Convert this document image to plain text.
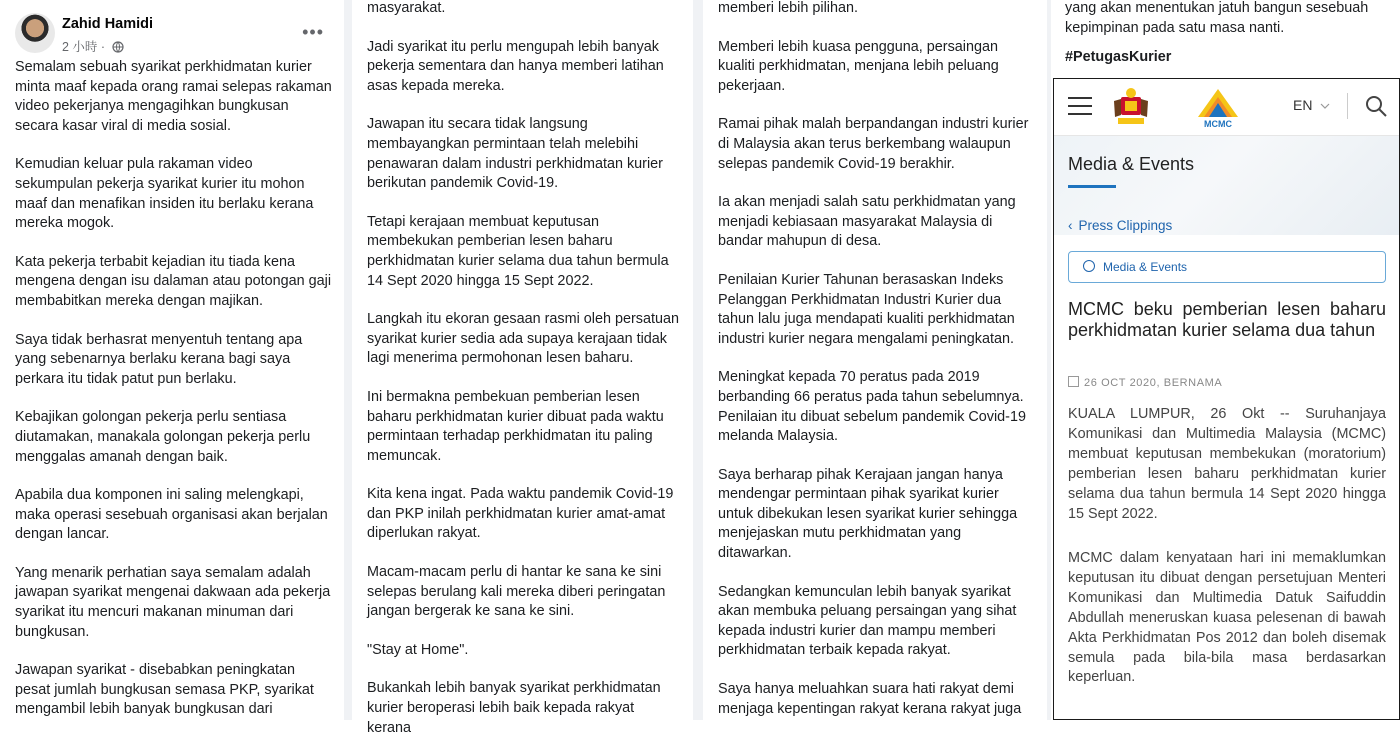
Zahid Hamidi
2 小時 ·
•••

Semalam sebuah syarikat perkhidmatan kurier minta maaf kepada orang ramai selepas rakaman video pekerjanya mengagihkan bungkusan secara kasar viral di media sosial.

Kemudian keluar pula rakaman video sekumpulan pekerja syarikat kurier itu mohon maaf dan menafikan insiden itu berlaku kerana mereka mogok.

Kata pekerja terbabit kejadian itu tiada kena mengena dengan isu dalaman atau potongan gaji membabitkan mereka dengan majikan.

Saya tidak berhasrat menyentuh tentang apa yang sebenarnya berlaku kerana bagi saya perkara itu tidak patut pun berlaku.

Kebajikan golongan pekerja perlu sentiasa diutamakan, manakala golongan pekerja perlu menggalas amanah dengan baik.

Apabila dua komponen ini saling melengkapi, maka operasi sesebuah organisasi akan berjalan dengan lancar.

Yang menarik perhatian saya semalam adalah jawapan syarikat mengenai dakwaan ada pekerja syarikat itu mencuri makanan minuman dari bungkusan.

Jawapan syarikat - disebabkan peningkatan pesat jumlah bungkusan semasa PKP, syarikat mengambil lebih banyak bungkusan dari

masyarakat.

Jadi syarikat itu perlu mengupah lebih banyak pekerja sementara dan hanya memberi latihan asas kepada mereka.

Jawapan itu secara tidak langsung membayangkan permintaan telah melebihi penawaran dalam industri perkhidmatan kurier berikutan pandemik Covid-19.

Tetapi kerajaan membuat keputusan membekukan pemberian lesen baharu perkhidmatan kurier selama dua tahun bermula 14 Sept 2020 hingga 15 Sept 2022.

Langkah itu ekoran gesaan rasmi oleh persatuan syarikat kurier sedia ada supaya kerajaan tidak lagi menerima permohonan lesen baharu.

Ini bermakna pembekuan pemberian lesen baharu perkhidmatan kurier dibuat pada waktu permintaan terhadap perkhidmatan itu paling memuncak.

Kita kena ingat. Pada waktu pandemik Covid-19 dan PKP inilah perkhidmatan kurier amat-amat diperlukan rakyat.

Macam-macam perlu di hantar ke sana ke sini selepas berulang kali mereka diberi peringatan jangan bergerak ke sana ke sini.

"Stay at Home".

Bukankah lebih banyak syarikat perkhidmatan kurier beroperasi lebih baik kepada rakyat kerana

memberi lebih pilihan.

Memberi lebih kuasa pengguna, persaingan kualiti perkhidmatan, menjana lebih peluang pekerjaan.

Ramai pihak malah berpandangan industri kurier di Malaysia akan terus berkembang walaupun selepas pandemik Covid-19 berakhir.

Ia akan menjadi salah satu perkhidmatan yang menjadi kebiasaan masyarakat Malaysia di bandar mahupun di desa.

Penilaian Kurier Tahunan berasaskan Indeks Pelanggan Perkhidmatan Industri Kurier dua tahun lalu juga mendapati kualiti perkhidmatan industri kurier negara mengalami peningkatan.

Meningkat kepada 70 peratus pada 2019 berbanding 66 peratus pada tahun sebelumnya. Penilaian itu dibuat sebelum pandemik Covid-19 melanda Malaysia.

Saya berharap pihak Kerajaan jangan hanya mendengar permintaan pihak syarikat kurier untuk dibekukan lesen syarikat kurier sehingga menjejaskan mutu perkhidmatan yang ditawarkan.

Sedangkan kemunculan lebih banyak syarikat akan membuka peluang persaingan yang sihat kepada industri kurier dan mampu memberi perkhidmatan terbaik kepada rakyat.

Saya hanya meluahkan suara hati rakyat demi menjaga kepentingan rakyat kerana rakyat juga

yang akan menentukan jatuh bangun sesebuah kepimpinan pada satu masa nanti.

#PetugasKurier
MCMC
EN
Media & Events
‹ Press Clippings
Media & Events
MCMC beku pemberian lesen baharu perkhidmatan kurier selama dua tahun
26 OCT 2020, BERNAMA

KUALA LUMPUR, 26 Okt -- Suruhanjaya Komunikasi dan Multimedia Malaysia (MCMC) membuat keputusan membekukan (moratorium) pemberian lesen baharu perkhidmatan kurier selama dua tahun bermula 14 Sept 2020 hingga 15 Sept 2022.

MCMC dalam kenyataan hari ini memaklumkan keputusan itu dibuat dengan persetujuan Menteri Komunikasi dan Multimedia Datuk Saifuddin Abdullah meneruskan kuasa pelesenan di bawah Akta Perkhidmatan Pos 2012 dan boleh disemak semula pada bila-bila masa berdasarkan keperluan.
